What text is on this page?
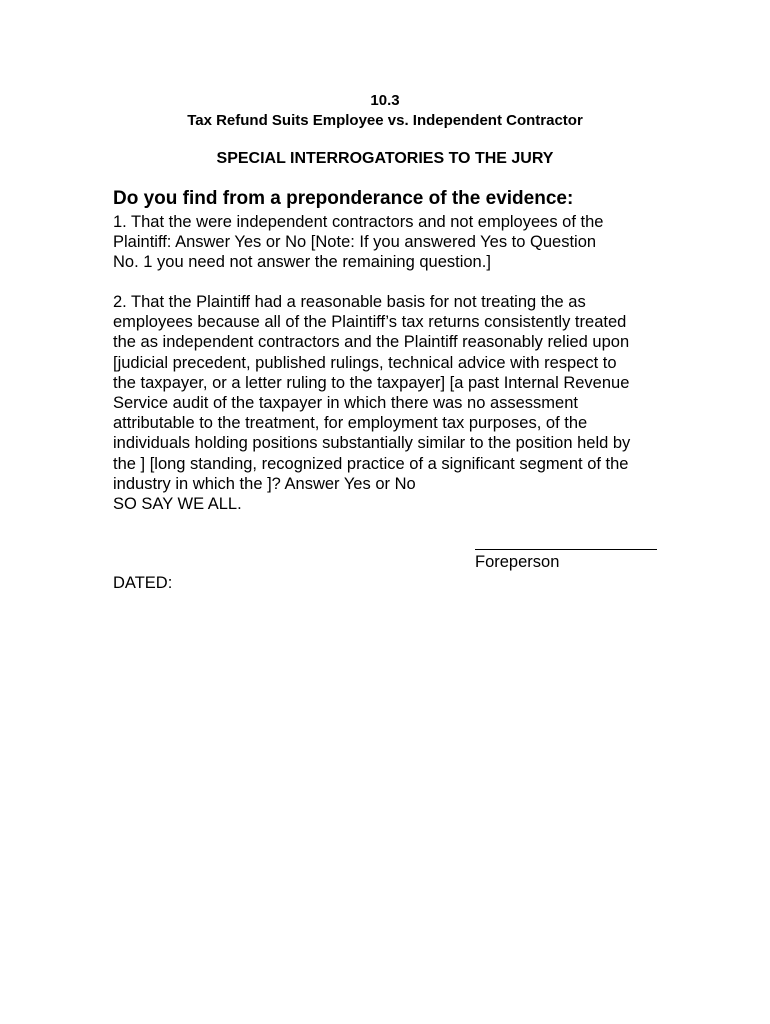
10.3
Tax Refund Suits Employee vs. Independent Contractor
SPECIAL INTERROGATORIES TO THE JURY
Do you find from a preponderance of the evidence:
1. That the were independent contractors and not employees of the
Plaintiff: Answer Yes or No [Note: If you answered Yes to Question
No. 1 you need not answer the remaining question.]
2. That the Plaintiff had a reasonable basis for not treating the as
employees because all of the Plaintiff’s tax returns consistently treated
the as independent contractors and the Plaintiff reasonably relied upon
[judicial precedent, published rulings, technical advice with respect to
the taxpayer, or a letter ruling to the taxpayer] [a past Internal Revenue
Service audit of the taxpayer in which there was no assessment
attributable to the treatment, for employment tax purposes, of the
individuals holding positions substantially similar to the position held by
the ] [long standing, recognized practice of a significant segment of the
industry in which the ]? Answer Yes or No
SO SAY WE ALL.
Foreperson
DATED:
